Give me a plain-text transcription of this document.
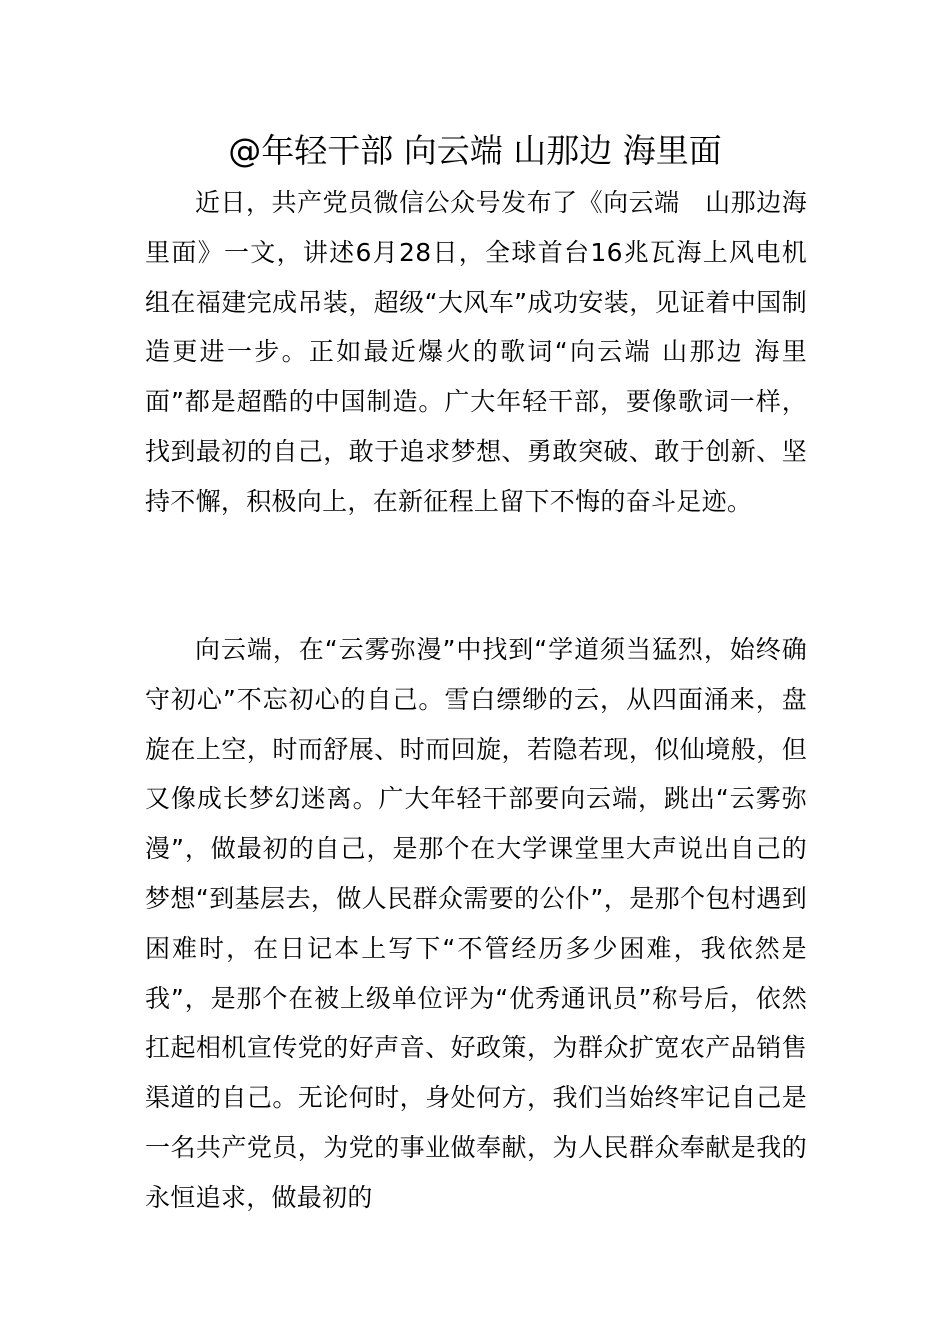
@年轻干部 向云端 山那边 海里面

近日，共产党员微信公众号发布了《向云端　山那边海里面》一文，讲述6月28日，全球首台16兆瓦海上风电机组在福建完成吊装，超级“大风车”成功安装，见证着中国制造更进一步。正如最近爆火的歌词“向云端 山那边 海里面”都是超酷的中国制造。广大年轻干部，要像歌词一样，找到最初的自己，敢于追求梦想、勇敢突破、敢于创新、坚持不懈，积极向上，在新征程上留下不悔的奋斗足迹。

向云端，在“云雾弥漫”中找到“学道须当猛烈，始终确守初心”不忘初心的自己。雪白缥缈的云，从四面涌来，盘旋在上空，时而舒展、时而回旋，若隐若现，似仙境般，但又像成长梦幻迷离。广大年轻干部要向云端，跳出“云雾弥漫”，做最初的自己，是那个在大学课堂里大声说出自己的梦想“到基层去，做人民群众需要的公仆”，是那个包村遇到困难时，在日记本上写下“不管经历多少困难，我依然是我”，是那个在被上级单位评为“优秀通讯员”称号后，依然扛起相机宣传党的好声音、好政策，为群众扩宽农产品销售渠道的自己。无论何时，身处何方，我们当始终牢记自己是一名共产党员，为党的事业做奉献，为人民群众奉献是我的永恒追求，做最初的
